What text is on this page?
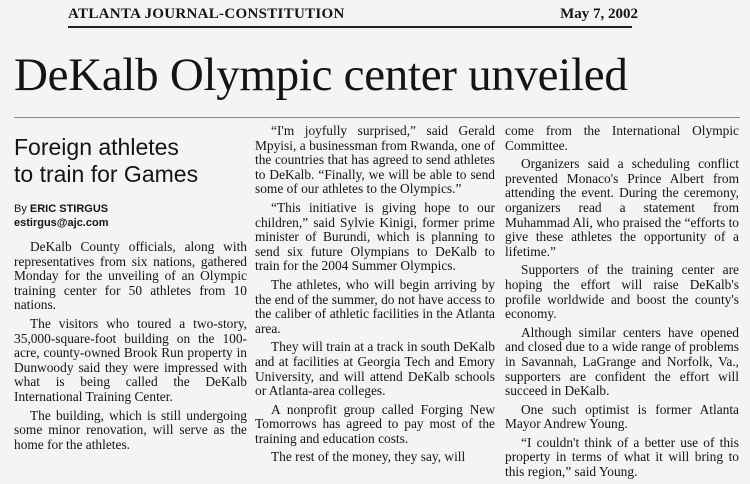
ATLANTA JOURNAL-CONSTITUTION	May 7, 2002
DeKalb Olympic center unveiled
Foreign athletes
to train for Games
By ERIC STIRGUS
estirgus@ajc.com

DeKalb County officials, along with representatives from six nations, gathered Monday for the unveiling of an Olympic training center for 50 athletes from 10 nations.

The visitors who toured a two-story, 35,000-square-foot building on the 100-acre, county-owned Brook Run property in Dunwoody said they were impressed with what is being called the DeKalb International Training Center.

The building, which is still undergoing some minor renovation, will serve as the home for the athletes.

“I'm joyfully surprised,” said Gerald Mpyisi, a businessman from Rwanda, one of the countries that has agreed to send athletes to DeKalb. “Finally, we will be able to send some of our athletes to the Olympics.”

“This initiative is giving hope to our children,” said Sylvie Kinigi, former prime minister of Burundi, which is planning to send six future Olympians to DeKalb to train for the 2004 Summer Olympics.

The athletes, who will begin arriving by the end of the summer, do not have access to the caliber of athletic facilities in the Atlanta area.

They will train at a track in south DeKalb and at facilities at Georgia Tech and Emory University, and will attend DeKalb schools or Atlanta-area colleges.

A nonprofit group called Forging New Tomorrows has agreed to pay most of the training and education costs.

The rest of the money, they say, will

come from the International Olympic Committee.

Organizers said a scheduling conflict prevented Monaco's Prince Albert from attending the event. During the ceremony, organizers read a statement from Muhammad Ali, who praised the “efforts to give these athletes the opportunity of a lifetime.”

Supporters of the training center are hoping the effort will raise DeKalb's profile worldwide and boost the county's economy.

Although similar centers have opened and closed due to a wide range of problems in Savannah, LaGrange and Norfolk, Va., supporters are confident the effort will succeed in DeKalb.

One such optimist is former Atlanta Mayor Andrew Young.

“I couldn't think of a better use of this property in terms of what it will bring to this region,” said Young.
